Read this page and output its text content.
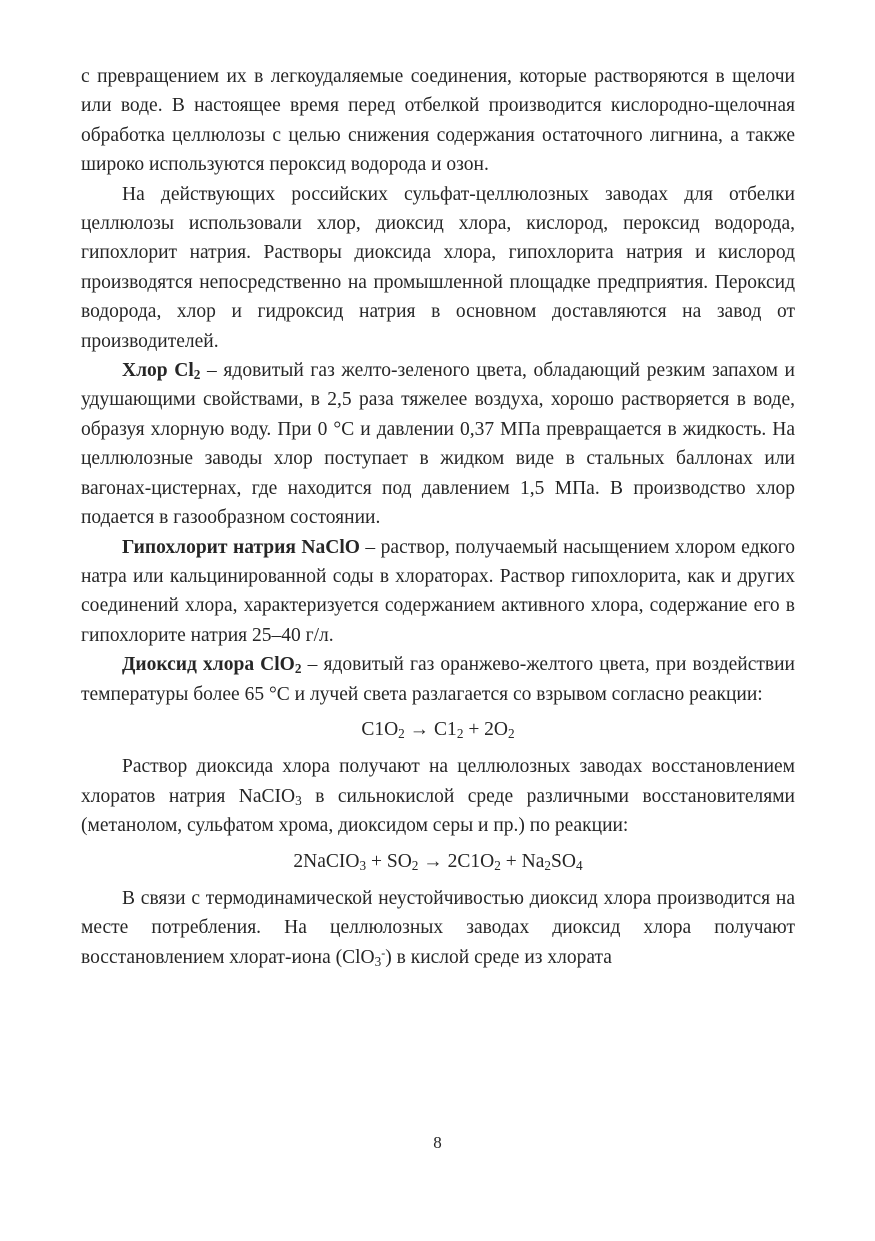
с превращением их в легкоудаляемые соединения, которые растворяются в щелочи или воде. В настоящее время перед отбелкой производится кислородно-щелочная обработка целлюлозы с целью снижения содержания остаточного лигнина, а также широко используются пероксид водорода и озон.

На действующих российских сульфат-целлюлозных заводах для отбелки целлюлозы использовали хлор, диоксид хлора, кислород, пероксид водорода, гипохлорит натрия. Растворы диоксида хлора, гипохлорита натрия и кислород производятся непосредственно на промышленной площадке предприятия. Пероксид водорода, хлор и гидроксид натрия в основном доставляются на завод от производителей.

Хлор $Cl_2$ – ядовитый газ желто-зеленого цвета, обладающий резким запахом и удушающими свойствами, в 2,5 раза тяжелее воздуха, хорошо растворяется в воде, образуя хлорную воду. При 0 °С и давлении 0,37 МПа превращается в жидкость. На целлюлозные заводы хлор поступает в жидком виде в стальных баллонах или вагонах-цистернах, где находится под давлением 1,5 МПа. В производство хлор подается в газообразном состоянии.

Гипохлорит натрия NaClO – раствор, получаемый насыщением хлором едкого натра или кальцинированной соды в хлораторах. Раствор гипохлорита, как и других соединений хлора, характеризуется содержанием активного хлора, содержание его в гипохлорите натрия 25–40 г/л.

Диоксид хлора ClO$_2$ – ядовитый газ оранжево-желтого цвета, при воздействии температуры более 65 °С и лучей света разлагается со взрывом согласно реакции:

$C1O_2 \to C1_2 + 2O_2$

Раствор диоксида хлора получают на целлюлозных заводах восстановлением хлоратов натрия NaCIO$_3$ в сильнокислой среде различными восстановителями (метанолом, сульфатом хрома, диоксидом серы и пр.) по реакции:

2NaCIO$_3$ + $SO_2 \to 2C1O_2 + Na_2SO_4$

В связи с термодинамической неустойчивостью диоксид хлора производится на месте потребления. На целлюлозных заводах диоксид хлора получают восстановлением хлорат-иона (ClO$_3$-) в кислой среде из хлората

8
